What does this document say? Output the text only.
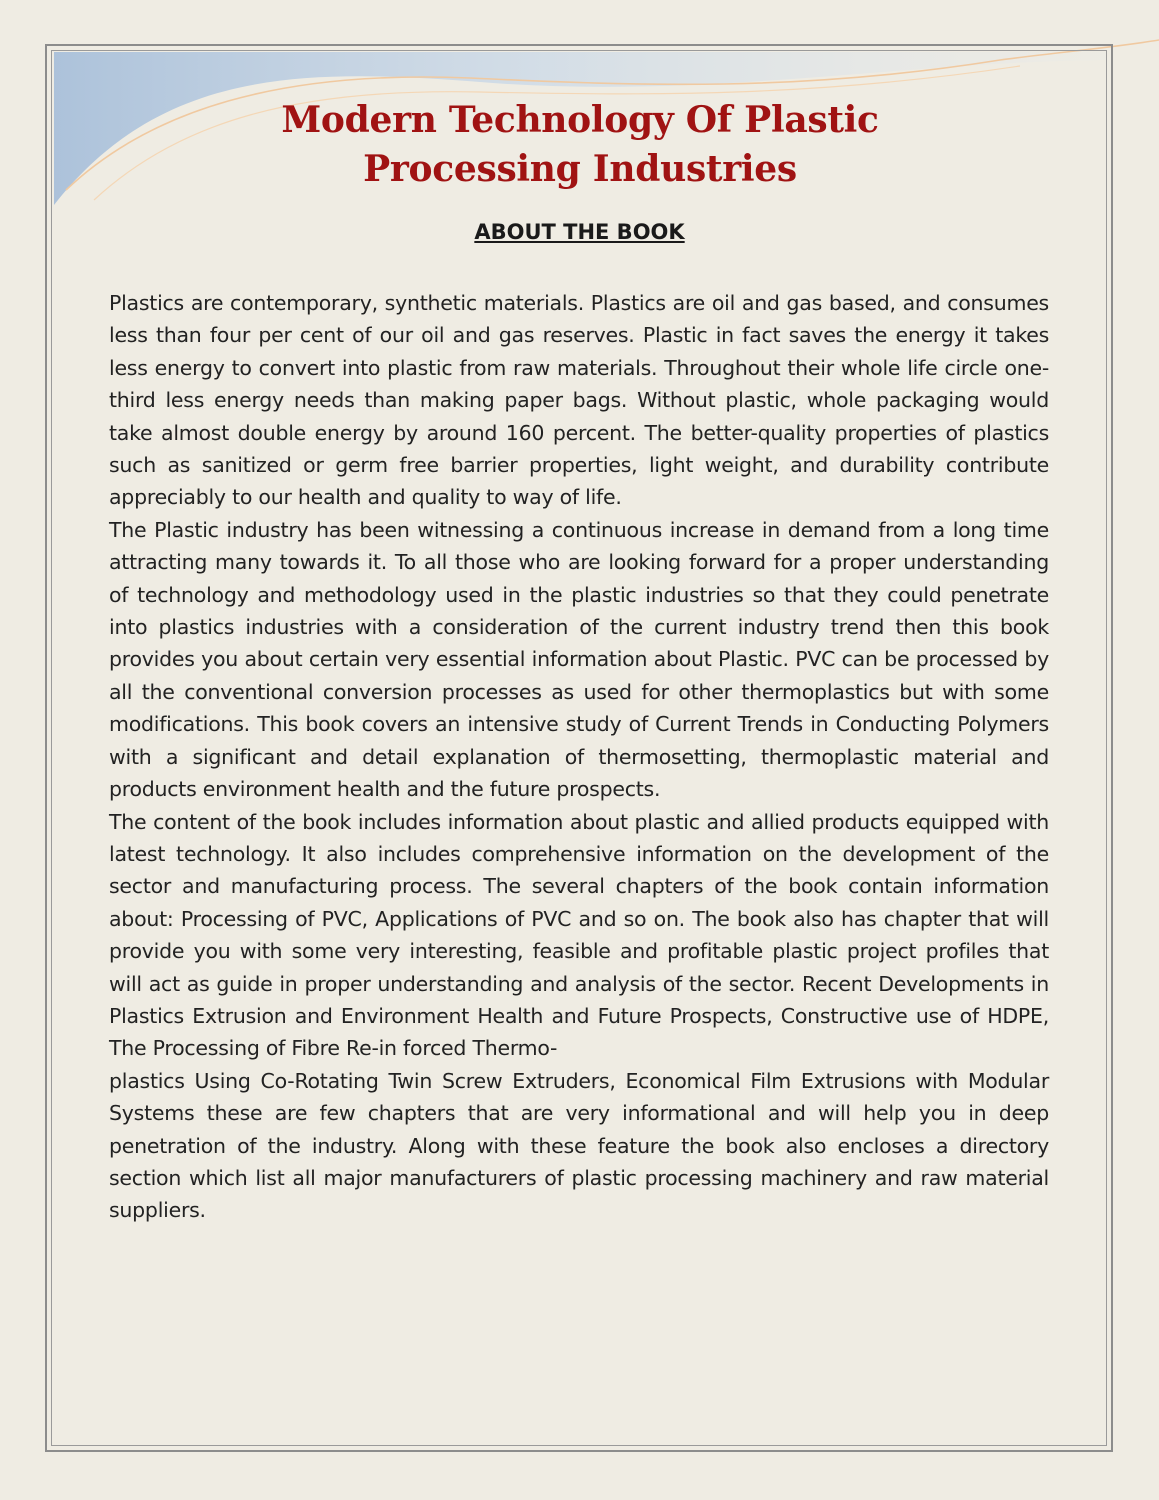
Modern Technology Of Plastic
Processing Industries
ABOUT THE BOOK

Plastics are contemporary, synthetic materials. Plastics are oil and gas based, and consumes less than four per cent of our oil and gas reserves. Plastic in fact saves the energy it takes less energy to convert into plastic from raw materials. Throughout their whole life circle one-third less energy needs than making paper bags. Without plastic, whole packaging would take almost double energy by around 160 percent. The better-quality properties of plastics such as sanitized or germ free barrier properties, light weight, and durability contribute appreciably to our health and quality to way of life.

The Plastic industry has been witnessing a continuous increase in demand from a long time attracting many towards it. To all those who are looking forward for a proper understanding of technology and methodology used in the plastic industries so that they could penetrate into plastics industries with a consideration of the current industry trend then this book provides you about certain very essential information about Plastic. PVC can be processed by all the conventional conversion processes as used for other thermoplastics but with some modifications. This book covers an intensive study of Current Trends in Conducting Polymers with a significant and detail explanation of thermosetting, thermoplastic material and products environment health and the future prospects.

The content of the book includes information about plastic and allied products equipped with latest technology. It also includes comprehensive information on the development of the sector and manufacturing process. The several chapters of the book contain information about: Processing of PVC, Applications of PVC and so on. The book also has chapter that will provide you with some very interesting, feasible and profitable plastic project profiles that will act as guide in proper understanding and analysis of the sector. Recent Developments in Plastics Extrusion and Environment Health and Future Prospects, Constructive use of HDPE, The Processing of Fibre Re-in forced Thermo-

plastics Using Co-Rotating Twin Screw Extruders, Economical Film Extrusions with Modular Systems these are few chapters that are very informational and will help you in deep penetration of the industry. Along with these feature the book also encloses a directory section which list all major manufacturers of plastic processing machinery and raw material suppliers.
